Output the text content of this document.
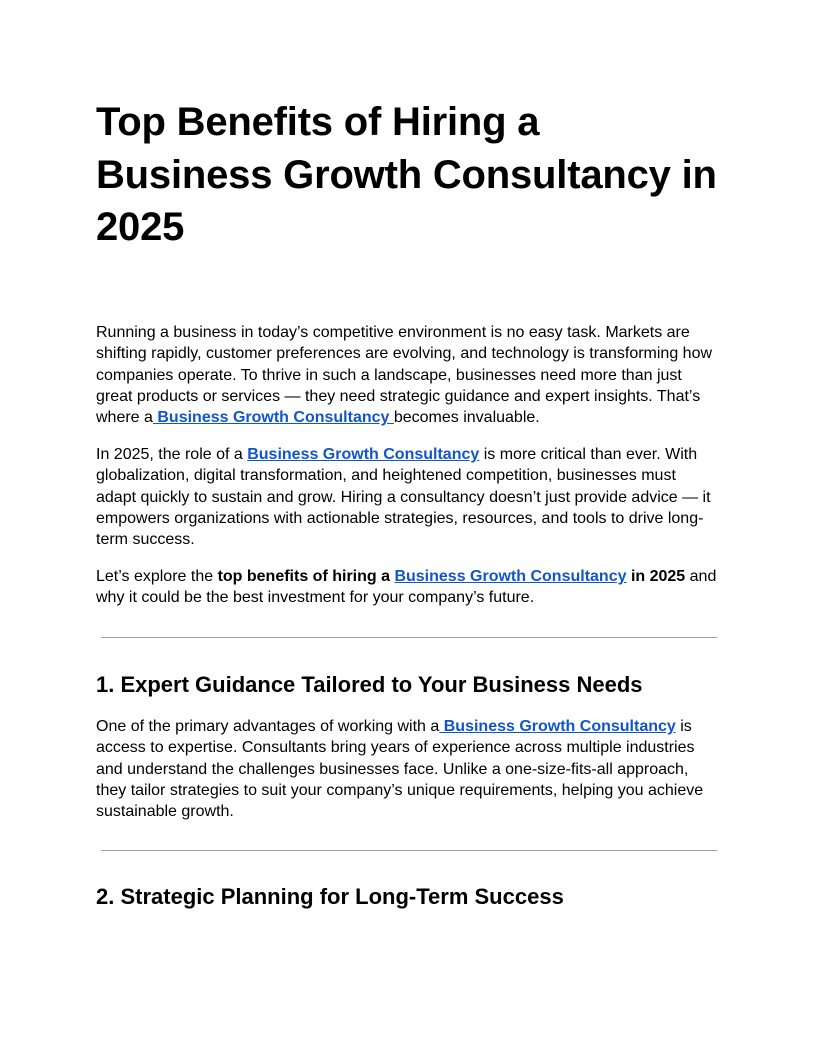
Top Benefits of Hiring a Business Growth Consultancy in 2025

Running a business in today’s competitive environment is no easy task. Markets are shifting rapidly, customer preferences are evolving, and technology is transforming how companies operate. To thrive in such a landscape, businesses need more than just great products or services — they need strategic guidance and expert insights. That’s where a Business Growth Consultancy becomes invaluable.

In 2025, the role of a Business Growth Consultancy is more critical than ever. With globalization, digital transformation, and heightened competition, businesses must adapt quickly to sustain and grow. Hiring a consultancy doesn’t just provide advice — it empowers organizations with actionable strategies, resources, and tools to drive long-term success.

Let’s explore the top benefits of hiring a Business Growth Consultancy in 2025 and why it could be the best investment for your company’s future.

1. Expert Guidance Tailored to Your Business Needs

One of the primary advantages of working with a Business Growth Consultancy is access to expertise. Consultants bring years of experience across multiple industries and understand the challenges businesses face. Unlike a one-size-fits-all approach, they tailor strategies to suit your company’s unique requirements, helping you achieve sustainable growth.

2. Strategic Planning for Long-Term Success
